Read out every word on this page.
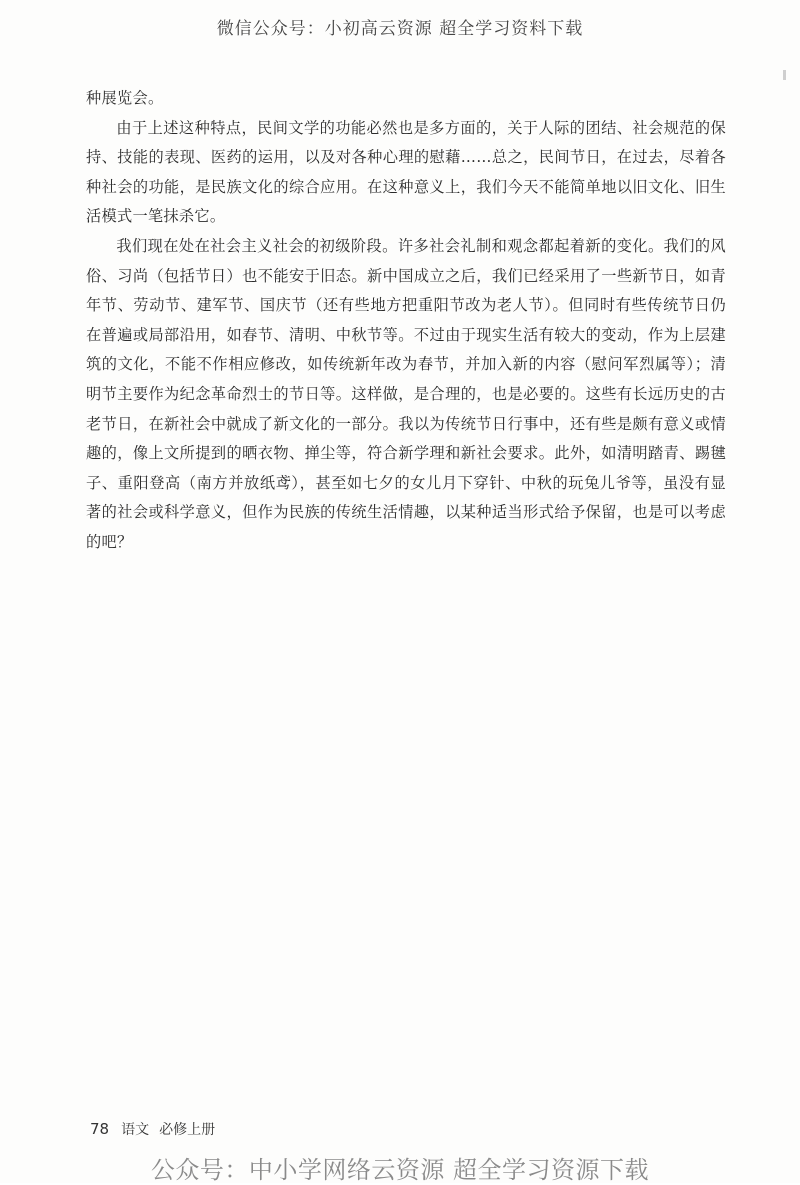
微信公众号：小初高云资源 超全学习资料下载

种展览会。

由于上述这种特点，民间文学的功能必然也是多方面的，关于人际的团结、社会规范的保持、技能的表现、医药的运用，以及对各种心理的慰藉……总之，民间节日，在过去，尽着各种社会的功能，是民族文化的综合应用。在这种意义上，我们今天不能简单地以旧文化、旧生活模式一笔抹杀它。

我们现在处在社会主义社会的初级阶段。许多社会礼制和观念都起着新的变化。我们的风俗、习尚（包括节日）也不能安于旧态。新中国成立之后，我们已经采用了一些新节日，如青年节、劳动节、建军节、国庆节（还有些地方把重阳节改为老人节）。但同时有些传统节日仍在普遍或局部沿用，如春节、清明、中秋节等。不过由于现实生活有较大的变动，作为上层建筑的文化，不能不作相应修改，如传统新年改为春节，并加入新的内容（慰问军烈属等）；清明节主要作为纪念革命烈士的节日等。这样做，是合理的，也是必要的。这些有长远历史的古老节日，在新社会中就成了新文化的一部分。我以为传统节日行事中，还有些是颇有意义或情趣的，像上文所提到的晒衣物、掸尘等，符合新学理和新社会要求。此外，如清明踏青、踢毽子、重阳登高（南方并放纸鸢），甚至如七夕的女儿月下穿针、中秋的玩兔儿爷等，虽没有显著的社会或科学意义，但作为民族的传统生活情趣，以某种适当形式给予保留，也是可以考虑的吧？

78 语文 必修上册
公众号：中小学网络云资源 超全学习资源下载
